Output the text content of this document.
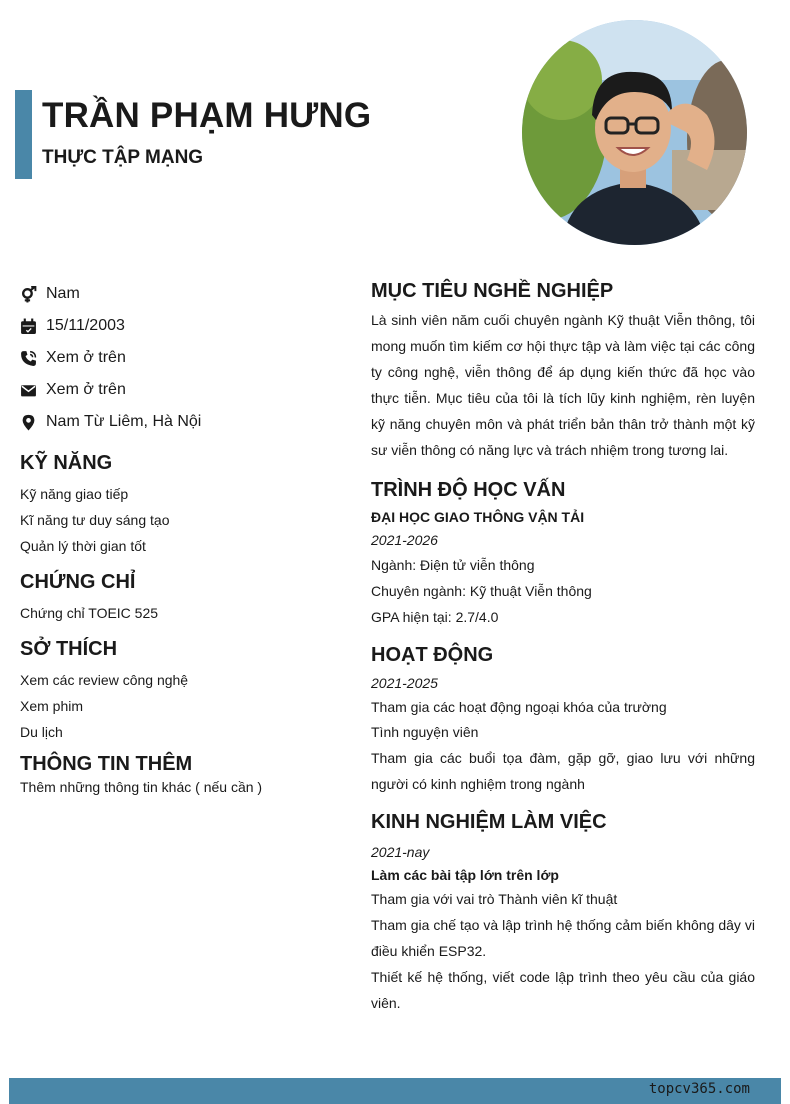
TRẦN PHẠM HƯNG
THỰC TẬP MẠNG
Nam
15/11/2003
Xem ở trên
Xem ở trên
Nam Từ Liêm, Hà Nội
KỸ NĂNG
Kỹ năng giao tiếp
Kĩ năng tư duy sáng tạo
Quản lý thời gian tốt
CHỨNG CHỈ
Chứng chỉ TOEIC 525
SỞ THÍCH
Xem các review công nghệ
Xem phim
Du lịch
THÔNG TIN THÊM
Thêm những thông tin khác ( nếu cần )
MỤC TIÊU NGHỀ NGHIỆP
Là sinh viên năm cuối chuyên ngành Kỹ thuật Viễn thông, tôi mong muốn tìm kiếm cơ hội thực tập và làm việc tại các công ty công nghệ, viễn thông để áp dụng kiến thức đã học vào thực tiễn. Mục tiêu của tôi là tích lũy kinh nghiệm, rèn luyện kỹ năng chuyên môn và phát triển bản thân trở thành một kỹ sư viễn thông có năng lực và trách nhiệm trong tương lai.
TRÌNH ĐỘ HỌC VẤN
ĐẠI HỌC GIAO THÔNG VẬN TẢI
2021-2026
Ngành: Điện tử viễn thông
Chuyên ngành: Kỹ thuật Viễn thông
GPA hiện tại: 2.7/4.0
HOẠT ĐỘNG
2021-2025
Tham gia các hoạt động ngoại khóa của trường
Tình nguyện viên
Tham gia các buổi tọa đàm, gặp gỡ, giao lưu với những người có kinh nghiệm trong ngành
KINH NGHIỆM LÀM VIỆC
2021-nay
Làm các bài tập lớn trên lớp
Tham gia với vai trò Thành viên kĩ thuật
Tham gia chế tạo và lập trình hệ thống cảm biến không dây vi điều khiển ESP32.
Thiết kế hệ thống, viết code lập trình theo yêu cầu của giáo viên.
topcv365.com
